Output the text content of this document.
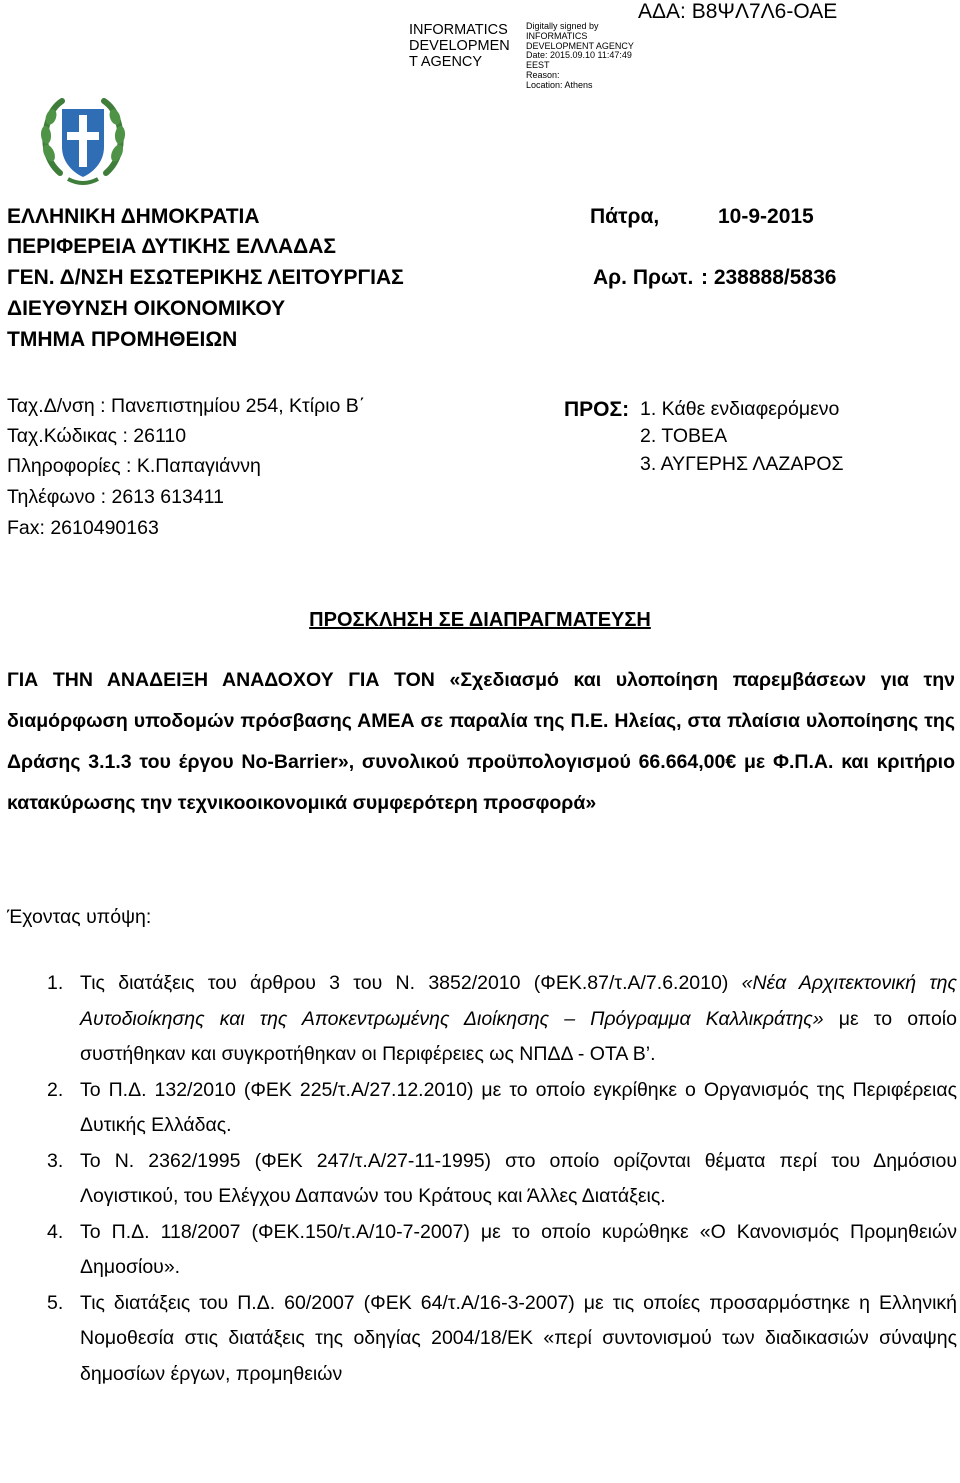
ΑΔΑ: Β8ΨΛ7Λ6-ΟΑΕ
INFORMATICS
DEVELOPMEN
T AGENCY
Digitally signed by
INFORMATICS
DEVELOPMENT AGENCY
Date: 2015.09.10 11:47:49
EEST
Reason:
Location: Athens
ΕΛΛΗΝΙΚΗ ΔΗΜΟΚΡΑΤΙΑ
ΠΕΡΙΦΕΡΕΙΑ ΔΥΤΙΚΗΣ ΕΛΛΑΔΑΣ
ΓΕΝ. Δ/ΝΣΗ ΕΣΩΤΕΡΙΚΗΣ ΛΕΙΤΟΥΡΓΙΑΣ
ΔΙΕΥΘΥΝΣΗ ΟΙΚΟΝΟΜΙΚΟΥ
ΤΜΗΜΑ ΠΡΟΜΗΘΕΙΩΝ
Πάτρα,	10-9-2015
Αρ. Πρωτ. : 238888/5836
Ταχ.Δ/νση : Πανεπιστημίου 254, Κτίριο Β΄
Ταχ.Κώδικας : 26110
Πληροφορίες : Κ.Παπαγιάννη
Τηλέφωνο : 2613 613411
Fax: 2610490163
ΠΡΟΣ: 1. Κάθε ενδιαφερόμενο
2. ΤΟΒΕΑ
3. ΑΥΓΕΡΗΣ ΛΑΖΑΡΟΣ
ΠΡΟΣΚΛΗΣΗ ΣΕ ΔΙΑΠΡΑΓΜΑΤΕΥΣΗ
ΓΙΑ ΤΗΝ ΑΝΑΔΕΙΞΗ ΑΝΑΔΟΧΟΥ ΓΙΑ ΤΟΝ «Σχεδιασμό και υλοποίηση παρεμβάσεων για την διαμόρφωση υποδομών πρόσβασης ΑΜΕΑ σε παραλία της Π.Ε. Ηλείας, στα πλαίσια υλοποίησης της Δράσης 3.1.3 του έργου No-Barrier», συνολικού προϋπολογισμού 66.664,00€ με Φ.Π.Α. και κριτήριο κατακύρωσης την τεχνικοοικονομικά συμφερότερη προσφορά»
Έχοντας υπόψη:
1. Τις διατάξεις του άρθρου 3 του Ν. 3852/2010 (ΦΕΚ.87/τ.Α/7.6.2010) «Νέα Αρχιτεκτονική της Αυτοδιοίκησης και της Αποκεντρωμένης Διοίκησης – Πρόγραμμα Καλλικράτης» με το οποίο συστήθηκαν και συγκροτήθηκαν οι Περιφέρειες ως ΝΠΔΔ - ΟΤΑ Β’.
2. Το Π.Δ. 132/2010 (ΦΕΚ 225/τ.Α/27.12.2010) με το οποίο εγκρίθηκε ο Οργανισμός της Περιφέρειας Δυτικής Ελλάδας.
3. Το Ν. 2362/1995 (ΦΕΚ 247/τ.Α/27-11-1995) στο οποίο ορίζονται θέματα περί του Δημόσιου Λογιστικού, του Ελέγχου Δαπανών του Κράτους και Άλλες Διατάξεις.
4. Το Π.Δ. 118/2007 (ΦΕΚ.150/τ.Α/10-7-2007) με το οποίο κυρώθηκε «Ο Κανονισμός Προμηθειών Δημοσίου».
5. Τις διατάξεις του Π.Δ. 60/2007 (ΦΕΚ 64/τ.Α/16-3-2007) με τις οποίες προσαρμόστηκε η Ελληνική Νομοθεσία στις διατάξεις της οδηγίας 2004/18/ΕΚ «περί συντονισμού των διαδικασιών σύναψης δημοσίων έργων, προμηθειών
